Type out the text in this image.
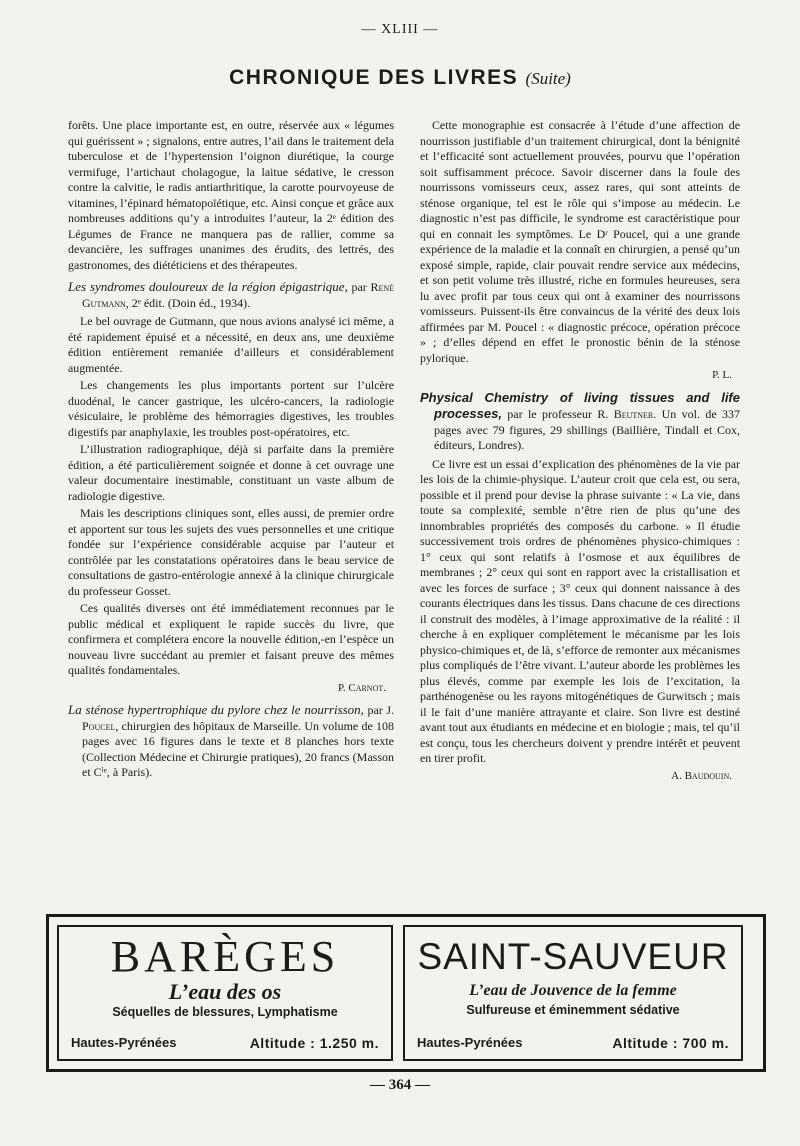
— XLIII —
CHRONIQUE DES LIVRES (Suite)

forêts. Une place importante est, en outre, réservée aux « légumes qui guérissent » ; signalons, entre autres, l’ail dans le traitement dela tuberculose et de l’hypertension l’oignon diurétique, la courge vermifuge, l’artichaut cholagogue, la laitue sédative, le cresson contre la calvitie, le radis antiarthritique, la carotte pourvoyeuse de vitamines, l’épinard hématopoïétique, etc. Ainsi conçue et grâce aux nombreuses additions qu’y a introduites l’auteur, la 2ᵉ édition des Légumes de France ne manquera pas de rallier, comme sa devancière, les suffrages unanimes des érudits, des lettrés, des gastronomes, des diététiciens et des thérapeutes.

Les syndromes douloureux de la région épigastrique, par René Gutmann, 2ᵉ édit. (Doin éd., 1934).

Le bel ouvrage de Gutmann, que nous avions analysé ici même, a été rapidement épuisé et a nécessité, en deux ans, une deuxième édition entièrement remaniée d’ailleurs et considérablement augmentée.

Les changements les plus importants portent sur l’ulcère duodénal, le cancer gastrique, les ulcéro-cancers, la radiologie vésiculaire, le problème des hémorragies digestives, les troubles digestifs par anaphylaxie, les troubles post-opératoires, etc.

L’illustration radiographique, déjà si parfaite dans la première édition, a été particulièrement soignée et donne à cet ouvrage une valeur documentaire inestimable, constituant un vaste album de radiologie digestive.

Mais les descriptions cliniques sont, elles aussi, de premier ordre et apportent sur tous les sujets des vues personnelles et une critique fondée sur l’expérience considérable acquise par l’auteur et contrôlée par les constatations opératoires dans le beau service de consultations de gastro-entérologie annexé à la clinique chirurgicale du professeur Gosset.

Ces qualités diverses ont été immédiatement reconnues par le public médical et expliquent le rapide succès du livre, que confirmera et complétera encore la nouvelle édition,-en l’espèce un nouveau livre succédant au premier et faisant preuve des mêmes qualités fondamentales.

P. Carnot.
La sténose hypertrophique du pylore chez le nourrisson, par J. Poucel, chirurgien des hôpitaux de Marseille. Un volume de 108 pages avec 16 figures dans le texte et 8 planches hors texte (Collection Médecine et Chirurgie pratiques), 20 francs (Masson et Cⁱᵉ, à Paris).

Cette monographie est consacrée à l’étude d’une affection de nourrisson justifiable d’un traitement chirurgical, dont la bénignité et l’efficacité sont actuellement prouvées, pourvu que l’opération soit suffisamment précoce. Savoir discerner dans la foule des nourrissons vomisseurs ceux, assez rares, qui sont atteints de sténose organique, tel est le rôle qui s’impose au médecin. Le diagnostic n’est pas difficile, le syndrome est caractéristique pour qui en connait les symptômes. Le Dʳ Poucel, qui a une grande expérience de la maladie et la connaît en chirurgien, a pensé qu’un exposé simple, rapide, clair pouvait rendre service aux médecins, et son petit volume très illustré, riche en formules heureuses, sera lu avec profit par tous ceux qui ont à examiner des nourrissons vomisseurs. Puissent-ils être convaincus de la vérité des deux lois affirmées par M. Poucel : « diagnostic précoce, opération précoce » ; d’elles dépend en effet le pronostic bénin de la sténose pylorique.

P. L.
Physical Chemistry of living tissues and life processes, par le professeur R. Beutner. Un vol. de 337 pages avec 79 figures, 29 shillings (Baillière, Tindall et Cox, éditeurs, Londres).

Ce livre est un essai d’explication des phénomènes de la vie par les lois de la chimie-physique. L’auteur croit que cela est, ou sera, possible et il prend pour devise la phrase suivante : « La vie, dans toute sa complexité, semble n’être rien de plus qu’une des innombrables propriétés des composés du carbone. » Il étudie successivement trois ordres de phénomènes physico-chimiques : 1° ceux qui sont relatifs à l’osmose et aux équilibres de membranes ; 2° ceux qui sont en rapport avec la cristallisation et avec les forces de surface ; 3° ceux qui donnent naissance à des courants électriques dans les tissus. Dans chacune de ces directions il construit des modèles, à l’image approximative de la réalité : il cherche à en expliquer complètement le mécanisme par les lois physico-chimiques et, de là, s’efforce de remonter aux mécanismes plus compliqués de l’être vivant. L’auteur aborde les problèmes les plus élevés, comme par exemple les lois de l’excitation, la parthénogenèse ou les rayons mitogénétiques de Gurwitsch ; mais il le fait d’une manière attrayante et claire. Son livre est destiné avant tout aux étudiants en médecine et en biologie ; mais, tel qu’il est conçu, tous les chercheurs doivent y prendre intérêt et peuvent en tirer profit.

A. Baudouin.
BARÈGES
L’eau des os
Séquelles de blessures, Lymphatisme
Hautes-Pyrénées	Altitude : 1.250 m.
SAINT-SAUVEUR
L’eau de Jouvence de la femme
Sulfureuse et éminemment sédative
Hautes-Pyrénées	Altitude : 700 m.
— 364 —
